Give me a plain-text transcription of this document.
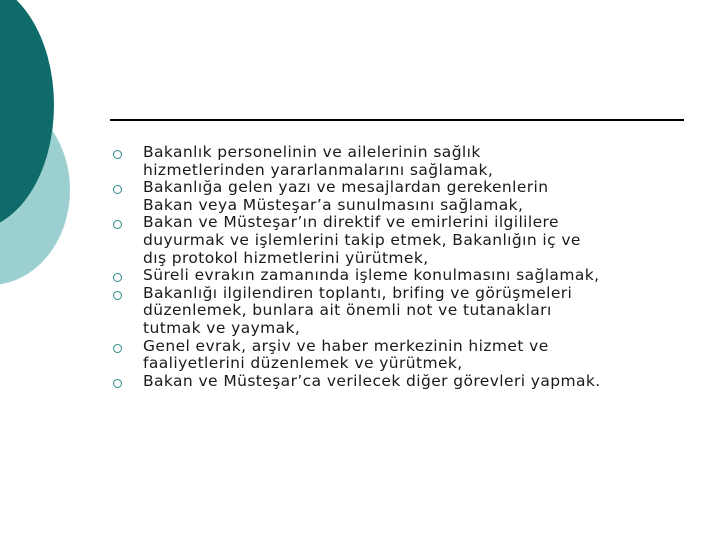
Bakanlık personelinin ve ailelerinin sağlık
hizmetlerinden yararlanmalarını sağlamak,
Bakanlığa gelen yazı ve mesajlardan gerekenlerin
Bakan veya Müsteşar’a sunulmasını sağlamak,
Bakan ve Müsteşar’ın direktif ve emirlerini ilgililere
duyurmak ve işlemlerini takip etmek, Bakanlığın iç ve
dış protokol hizmetlerini yürütmek,
Süreli evrakın zamanında işleme konulmasını sağlamak,
Bakanlığı ilgilendiren toplantı, brifing ve görüşmeleri
düzenlemek, bunlara ait önemli not ve tutanakları
tutmak ve yaymak,
Genel evrak, arşiv ve haber merkezinin hizmet ve
faaliyetlerini düzenlemek ve yürütmek,
Bakan ve Müsteşar’ca verilecek diğer görevleri yapmak.
